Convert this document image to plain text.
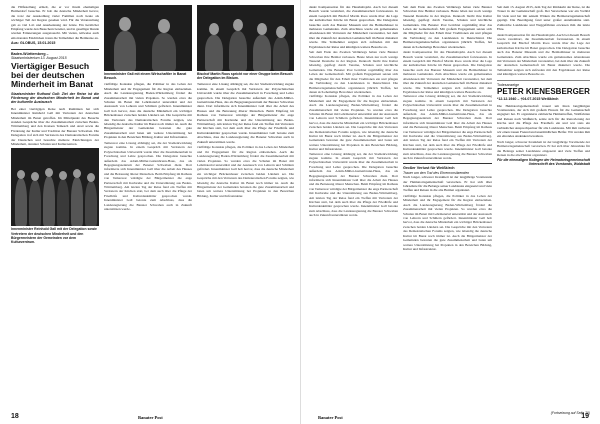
die Hilfsstellung erhielt, die er vor ihrem ehemaligen Heimatdorf besuchte. Er hob die deutsche Minderheit hervor, die trotz der Aussiedlung vieler Familien noch heute als wichtiger Teil der Region gesehen wird. Für die Veranstaltung gab es viel Lob und Anerkennung der Gäste. Ein herzlicher Empfang wurde den Besuchern bereitet, und in geselliger Runde wurden Erinnerungen ausgetauscht. Mit vielen, teilweise auch emotionalen Eindrücken traten die Teilnehmer die Heimreise an.

Aus: GLOBUS, 15.01.2015
Baden-Württemberg –
Staatsministerium 13. August 2015
Viertägiger Besuch bei der deutschen Minderheit im Banat
Staatsminister Ruthard Gall: Ziel der Reise ist die Förderung der deutschen Minderheit im Banat und der kulturelle Austausch

Bei einer viertägigen Reise nach Rumänien hat sich Innenminister Reinhold Gall mit Vertretern der deutschen Minderheit im Banat getroffen. Im Mittelpunkt des Besuchs standen Gespräche über die Zusammenarbeit zwischen Baden-Württemberg und den Kreisen Temesch und Arad sowie die Förderung der Kultur und Tradition der Banater Schwaben. Die Delegation traf sich mit Vertretern des Demokratischen Forums der Deutschen und besuchte mehrere Einrichtungen der Minderheit, darunter Schulen und Kulturzentren.

Innenminister Reinhold Gall mit der Delegation sowie Vertretern der deutschen Minderheit und den Bürgermeistern der Gemeinden vor dem Kulturzentrum.
Innenminister Gall mit einem Wirtschaftler in Banat Besuch.

vielfältige Kontakte pflegen, die Politiker in das Leben der Minderheit und ihr Engagement für die Region einbeziehen. Auch die Landesregierung Baden-Württemberg fördert die Zusammenarbeit mit vielen Projekten. So wurden etwa die Schulen im Banat mit Lehrmaterial unterstützt und der Austausch von Lehrern und Schülern gefördert. Innenminister Gall hob hervor, dass die deutsche Minderheit ein wichtiger Brückenbauer zwischen beiden Ländern sei. Die Gespräche mit den Vertretern des Demokratischen Forums zeigten, wie lebendig die deutsche Kultur im Banat noch immer ist. Auch die Bürgermeister der Gemeinden betonten die gute Zusammenarbeit und baten um weitere Unterstützung bei Projekten in den Bereichen Bildung, Kultur und Infrastruktur.

Temeswar eine Lösung abhängig sei, die der Stadtentwicklung zugute komme. In einem Gespräch mit Vertretern der Polytechnischen Universität wurde über die Zusammenarbeit in Forschung und Lehre gesprochen. Die Delegation besuchte außerdem das Adam-Müller-Guttenbrunn-Haus, das als Begegnungszentrum der Banater Schwaben dient. Dort informierte sich Innenminister Gall über die Arbeit des Hauses und die Betreuung älterer Menschen. Beim Empfang im Rathaus von Temeswar würdigte der Bürgermeister die enge Partnerschaft mit Karlsruhe und die Unterstützung aus Baden-Württemberg. Am letzten Tag der Reise fand ein Treffen mit Vertretern der Kirchen statt, bei dem auch über die Pflege der Friedhöfe und Kulturdenkmäler gesprochen wurde. Innenminister Gall betonte zum Abschluss, dass die Landesregierung die Banater Schwaben auch in Zukunft unterstützen werde.

Bischof Martin Roos spricht vor einer Gruppe beim Besuch der Delegation im Bistum.

Temeswar eine Lösung abhängig sei, die der Stadtentwicklung zugute komme. In einem Gespräch mit Vertretern der Polytechnischen Universität wurde über die Zusammenarbeit in Forschung und Lehre gesprochen. Die Delegation besuchte außerdem das Adam-Müller-Guttenbrunn-Haus, das als Begegnungszentrum der Banater Schwaben dient. Dort informierte sich Innenminister Gall über die Arbeit des Hauses und die Betreuung älterer Menschen. Beim Empfang im Rathaus von Temeswar würdigte der Bürgermeister die enge Partnerschaft mit Karlsruhe und die Unterstützung aus Baden-Württemberg. Am letzten Tag der Reise fand ein Treffen mit Vertretern der Kirchen statt, bei dem auch über die Pflege der Friedhöfe und Kulturdenkmäler gesprochen wurde. Innenminister Gall betonte zum Abschluss, dass die Landesregierung die Banater Schwaben auch in Zukunft unterstützen werde.

vielfältige Kontakte pflegen, die Politiker in das Leben der Minderheit und ihr Engagement für die Region einbeziehen. Auch die Landesregierung Baden-Württemberg fördert die Zusammenarbeit mit vielen Projekten. So wurden etwa die Schulen im Banat mit Lehrmaterial unterstützt und der Austausch von Lehrern und Schülern gefördert. Innenminister Gall hob hervor, dass die deutsche Minderheit ein wichtiger Brückenbauer zwischen beiden Ländern sei. Die Gespräche mit den Vertretern des Demokratischen Forums zeigten, wie lebendig die deutsche Kultur im Banat noch immer ist. Auch die Bürgermeister der Gemeinden betonten die gute Zusammenarbeit und baten um weitere Unterstützung bei Projekten in den Bereichen Bildung, Kultur und Infrastruktur.

18	Banater Post

dankt Kompensation für das Haushaltsjahr. Auch bei diesem Besuch wurde vereinbart, die Zusammenarbeit fortzusetzen. In einem Gespräch mit Bischof Martin Roos wurde über die Lage der katholischen Kirche im Banat gesprochen. Die Delegation besuchte auch das Banater Museum und die Heimathäuser in mehreren Gemeinden. Zum Abschluss wurde ein gemeinsames Abendessen mit Vertretern der Minderheit veranstaltet, bei dem über die Zukunft der deutschen Gemeinschaft im Banat diskutiert wurde. Die Teilnehmer zeigten sich zufrieden mit den Ergebnissen der Reise und kündigten weitere Besuche an.

Seit dem Ende des Zweiten Weltkriegs haben viele Banater Schwaben ihre Heimat verlassen. Heute leben nur noch wenige Tausend Deutsche in der Region. Dennoch bleibt ihre Kultur lebendig, gepflegt durch Vereine, Schulen und kirchliche Gemeinden. Die Banater Post berichtet regelmäßig über das Leben der Gemeinschaft. Mit großem Engagement setzen sich die Mitglieder für den Erhalt ihrer Traditionen ein und pflegen die Verbindung zu den Landsleuten in Deutschland. Die Heimatortsgemeinschaften organisieren jährlich Treffen, bei denen sich ehemalige Bewohner wiedersehen.

vielfältige Kontakte pflegen, die Politiker in das Leben der Minderheit und ihr Engagement für die Region einbeziehen. Auch die Landesregierung Baden-Württemberg fördert die Zusammenarbeit mit vielen Projekten. So wurden etwa die Schulen im Banat mit Lehrmaterial unterstützt und der Austausch von Lehrern und Schülern gefördert. Innenminister Gall hob hervor, dass die deutsche Minderheit ein wichtiger Brückenbauer zwischen beiden Ländern sei. Die Gespräche mit den Vertretern des Demokratischen Forums zeigten, wie lebendig die deutsche Kultur im Banat noch immer ist. Auch die Bürgermeister der Gemeinden betonten die gute Zusammenarbeit und baten um weitere Unterstützung bei Projekten in den Bereichen Bildung, Kultur und Infrastruktur.

Temeswar eine Lösung abhängig sei, die der Stadtentwicklung zugute komme. In einem Gespräch mit Vertretern der Polytechnischen Universität wurde über die Zusammenarbeit in Forschung und Lehre gesprochen. Die Delegation besuchte außerdem das Adam-Müller-Guttenbrunn-Haus, das als Begegnungszentrum der Banater Schwaben dient. Dort informierte sich Innenminister Gall über die Arbeit des Hauses und die Betreuung älterer Menschen. Beim Empfang im Rathaus von Temeswar würdigte der Bürgermeister die enge Partnerschaft mit Karlsruhe und die Unterstützung aus Baden-Württemberg. Am letzten Tag der Reise fand ein Treffen mit Vertretern der Kirchen statt, bei dem auch über die Pflege der Friedhöfe und Kulturdenkmäler gesprochen wurde. Innenminister Gall betonte zum Abschluss, dass die Landesregierung die Banater Schwaben auch in Zukunft unterstützen werde.

Seit dem Ende des Zweiten Weltkriegs haben viele Banater Schwaben ihre Heimat verlassen. Heute leben nur noch wenige Tausend Deutsche in der Region. Dennoch bleibt ihre Kultur lebendig, gepflegt durch Vereine, Schulen und kirchliche Gemeinden. Die Banater Post berichtet regelmäßig über das Leben der Gemeinschaft. Mit großem Engagement setzen sich die Mitglieder für den Erhalt ihrer Traditionen ein und pflegen die Verbindung zu den Landsleuten in Deutschland. Die Heimatortsgemeinschaften organisieren jährlich Treffen, bei denen sich ehemalige Bewohner wiedersehen.

dankt Kompensation für das Haushaltsjahr. Auch bei diesem Besuch wurde vereinbart, die Zusammenarbeit fortzusetzen. In einem Gespräch mit Bischof Martin Roos wurde über die Lage der katholischen Kirche im Banat gesprochen. Die Delegation besuchte auch das Banater Museum und die Heimathäuser in mehreren Gemeinden. Zum Abschluss wurde ein gemeinsames Abendessen mit Vertretern der Minderheit veranstaltet, bei dem über die Zukunft der deutschen Gemeinschaft im Banat diskutiert wurde. Die Teilnehmer zeigten sich zufrieden mit den Ergebnissen der Reise und kündigten weitere Besuche an.

Temeswar eine Lösung abhängig sei, die der Stadtentwicklung zugute komme. In einem Gespräch mit Vertretern der Polytechnischen Universität wurde über die Zusammenarbeit in Forschung und Lehre gesprochen. Die Delegation besuchte außerdem das Adam-Müller-Guttenbrunn-Haus, das als Begegnungszentrum der Banater Schwaben dient. Dort informierte sich Innenminister Gall über die Arbeit des Hauses und die Betreuung älterer Menschen. Beim Empfang im Rathaus von Temeswar würdigte der Bürgermeister die enge Partnerschaft mit Karlsruhe und die Unterstützung aus Baden-Württemberg. Am letzten Tag der Reise fand ein Treffen mit Vertretern der Kirchen statt, bei dem auch über die Pflege der Friedhöfe und Kulturdenkmäler gesprochen wurde. Innenminister Gall betonte zum Abschluss, dass die Landesregierung die Banater Schwaben auch in Zukunft unterstützen werde.

Großer Verlust für Weißkirch
Trauer um den Tod des Ehrenvorsitzenden

Nach langer, schwerer Krankheit ist der langjährige Vorsitzende der Heimatortsgemeinschaft verstorben. Er hat sich über Jahrzehnte für die Belange seiner Landsleute eingesetzt und viele Treffen und Reisen in die alte Heimat organisiert.

vielfältige Kontakte pflegen, die Politiker in das Leben der Minderheit und ihr Engagement für die Region einbeziehen. Auch die Landesregierung Baden-Württemberg fördert die Zusammenarbeit mit vielen Projekten. So wurden etwa die Schulen im Banat mit Lehrmaterial unterstützt und der Austausch von Lehrern und Schülern gefördert. Innenminister Gall hob hervor, dass die deutsche Minderheit ein wichtiger Brückenbauer zwischen beiden Ländern sei. Die Gespräche mit den Vertretern des Demokratischen Forums zeigten, wie lebendig die deutsche Kultur im Banat noch immer ist. Auch die Bürgermeister der Gemeinden betonten die gute Zusammenarbeit und baten um weitere Unterstützung bei Projekten in den Bereichen Bildung, Kultur und Infrastruktur.

Seit dem 15. August 2015, dem Tag der Rückkehr der Reise, ist die Trauer in der Gemeinschaft groß. Der Verstorbene war ein Vorbild für viele und hat mit seinem Wirken die Heimatortsgemeinschaft geprägt. Die Beerdigung fand unter großer Anteilnahme statt. Zahlreiche Landsleute und Weggefährten erwiesen ihm die letzte Ehre.

dankt Kompensation für das Haushaltsjahr. Auch bei diesem Besuch wurde vereinbart, die Zusammenarbeit fortzusetzen. In einem Gespräch mit Bischof Martin Roos wurde über die Lage der katholischen Kirche im Banat gesprochen. Die Delegation besuchte auch das Banater Museum und die Heimathäuser in mehreren Gemeinden. Zum Abschluss wurde ein gemeinsames Abendessen mit Vertretern der Minderheit veranstaltet, bei dem über die Zukunft der deutschen Gemeinschaft im Banat diskutiert wurde. Die Teilnehmer zeigten sich zufrieden mit den Ergebnissen der Reise und kündigten weitere Besuche an.

Todesanzeige
PETER KIENESBERGER
*12.12.1940 – †04.07.2015 Weißkirch

Die Heimatortsgemeinschaft trauert um ihren langjährigen Vorsitzenden, der sich mit großem Einsatz für die Gemeinschaft engagiert hat. Er organisierte zahlreiche Heimattreffen, Wallfahrten und Reisen nach Weißkirch, setzte sich für die Renovierung der Kirche und die Pflege des Friedhofs ein und war stets ein verlässlicher Ansprechpartner für alle Landsleute. Mit ihm verlieren wir einen treuen Freund und unermüdlichen Helfer. Wir werden ihm ein ehrendes Andenken bewahren.

Nach langer, schwerer Krankheit ist der langjährige Vorsitzende der Heimatortsgemeinschaft verstorben. Er hat sich über Jahrzehnte für die Belange seiner Landsleute eingesetzt und viele Treffen und Reisen in die alte Heimat organisiert.

Für die ehemaligen Kollegen der Heimatortsgemeinschaft
Unterschrift des Vorstands, Waldstadt
(Fortsetzung auf Seite 20)
Banater Post	19
